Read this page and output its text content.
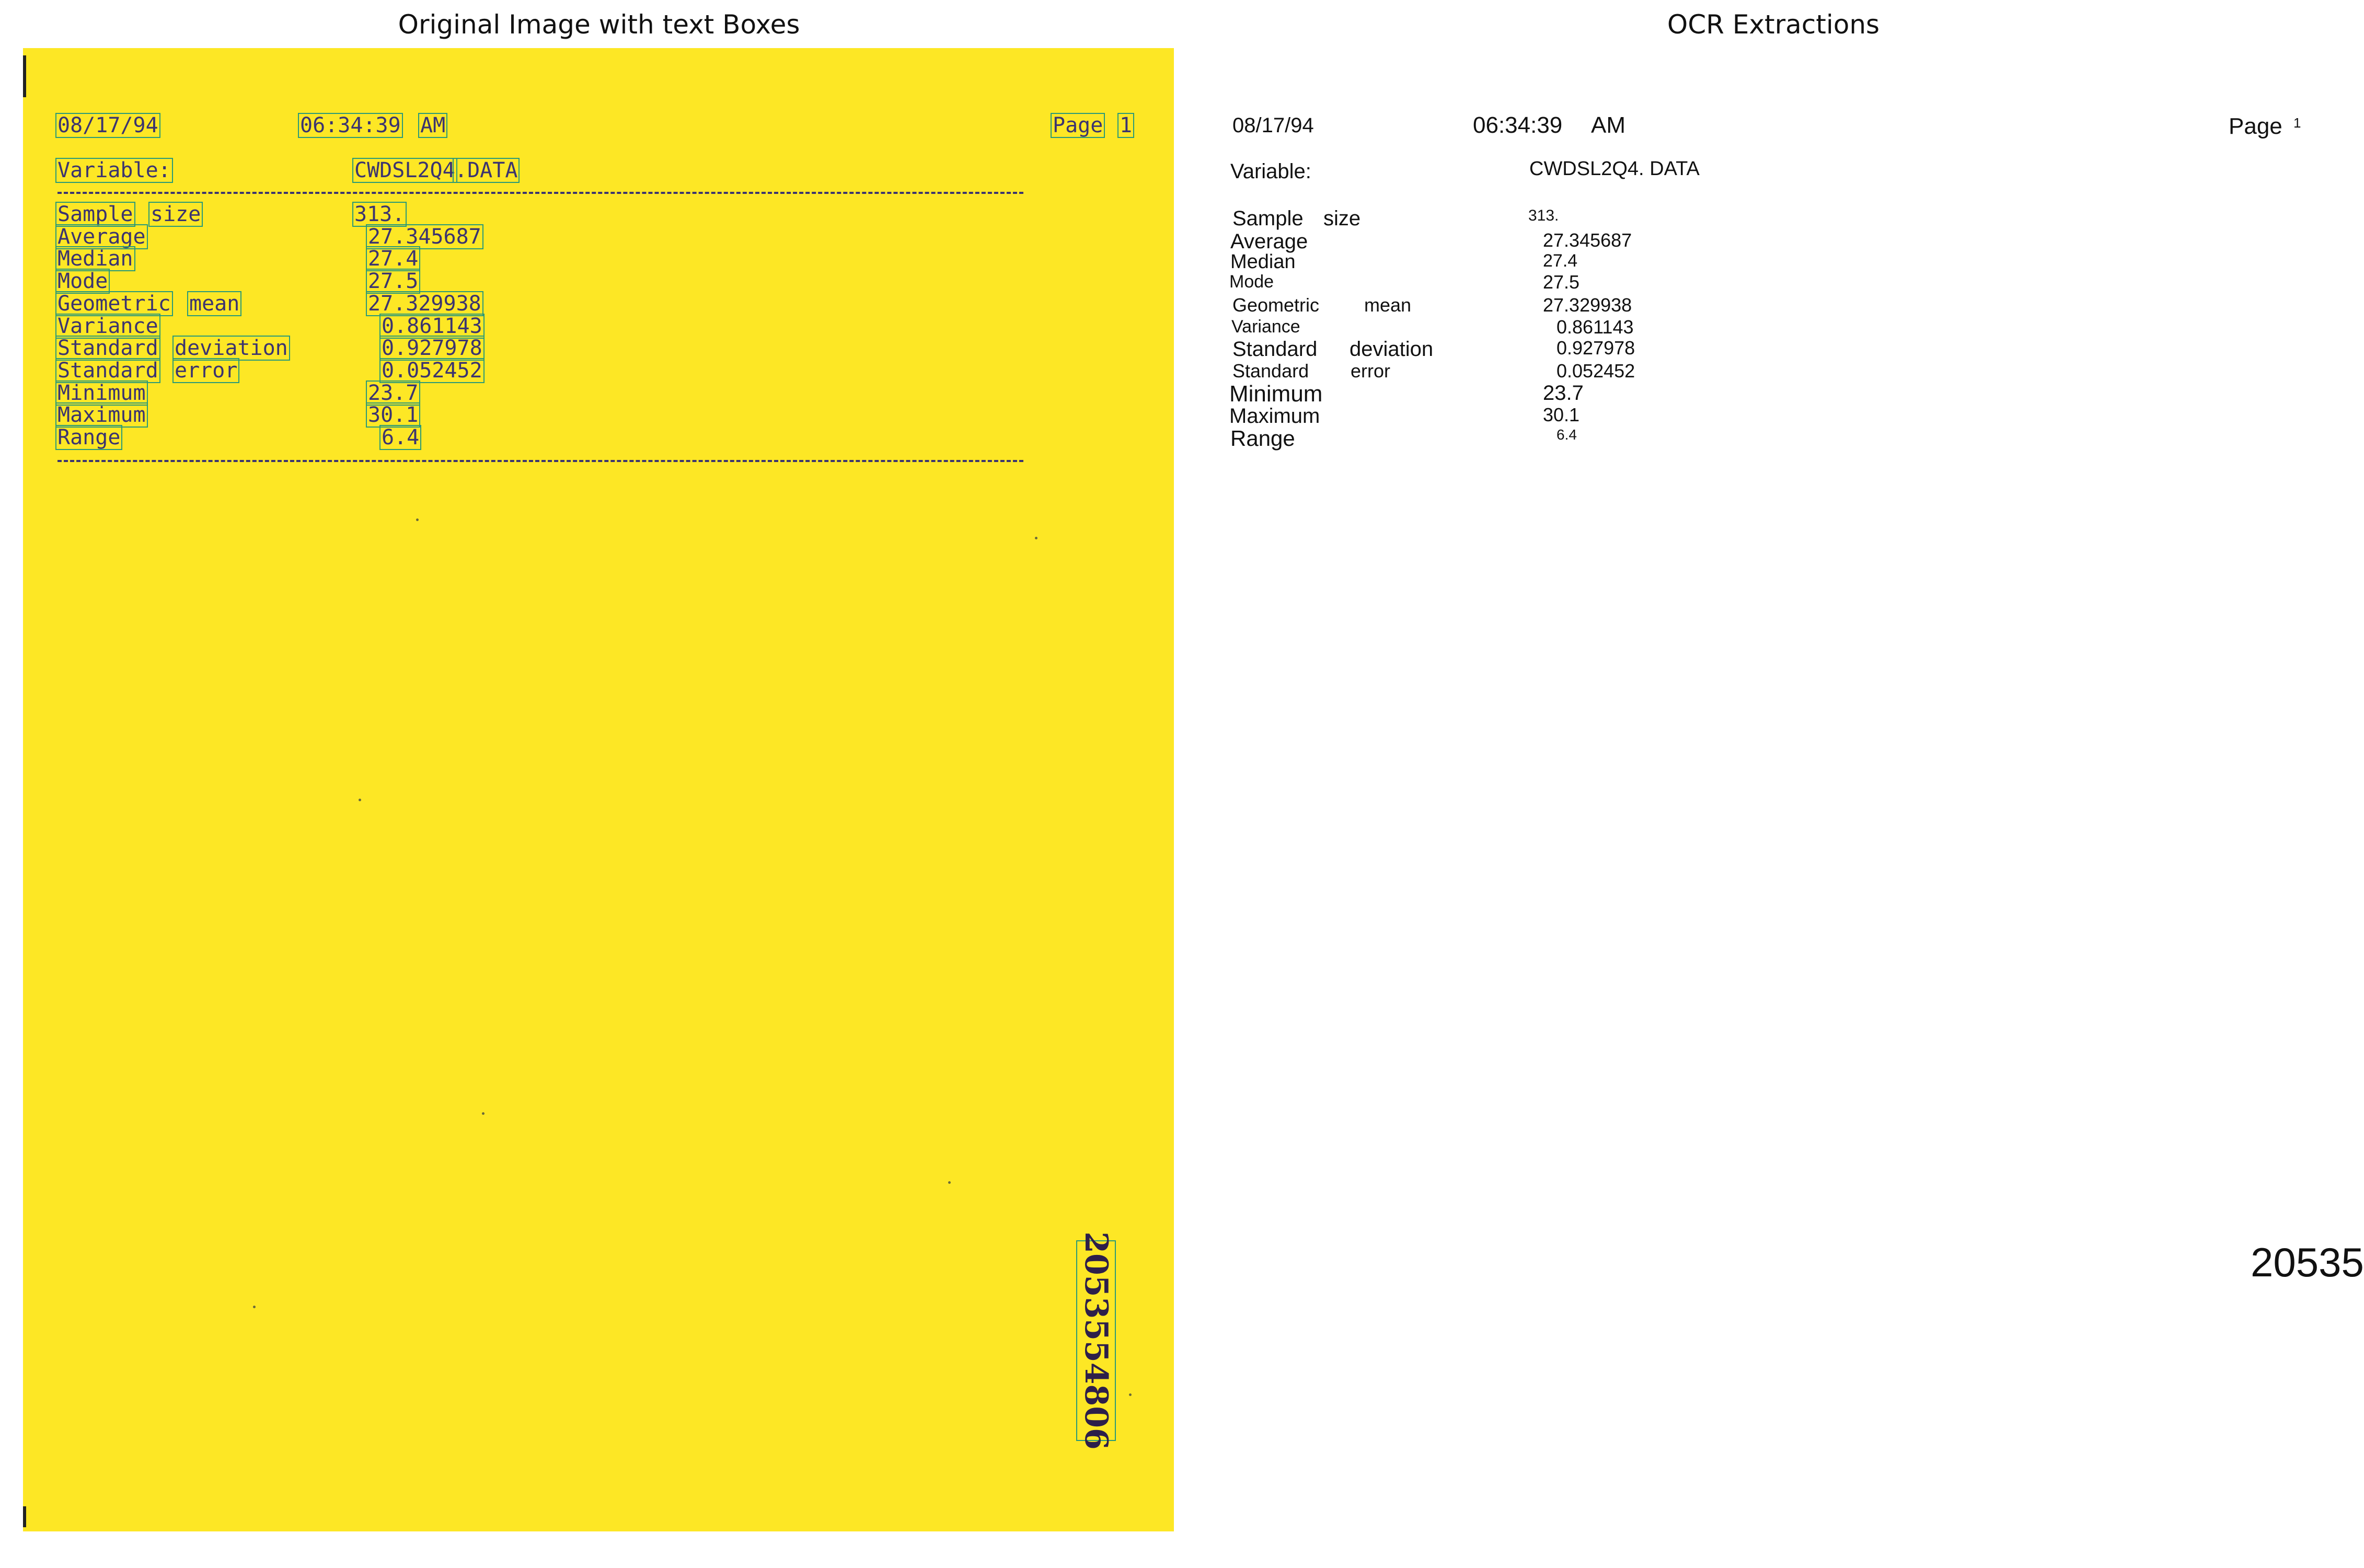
Original Image with text Boxes	OCR Extractions
08/17/94	06:34:39 AM	Page 1
Variable:	CWDSL2Q4 .DATA
Sample size	313.
Average	27.345687
Median	27.4
Mode	27.5
Geometric mean	27.329938
Variance	0.861143
Standard deviation	0.927978
Standard error	0.052452
Minimum	23.7
Maximum	30.1
Range	6.4
2053554806
08/17/94	06:34:39 AM	Page 1
Variable:	CWDSL2Q4. DATA
Sample size	313.
Average	27.345687
Median	27.4
Mode	27.5
Geometric mean	27.329938
Variance	0.861143
Standard deviation	0.927978
Standard error	0.052452
Minimum	23.7
Maximum	30.1
Range	6.4
20535
